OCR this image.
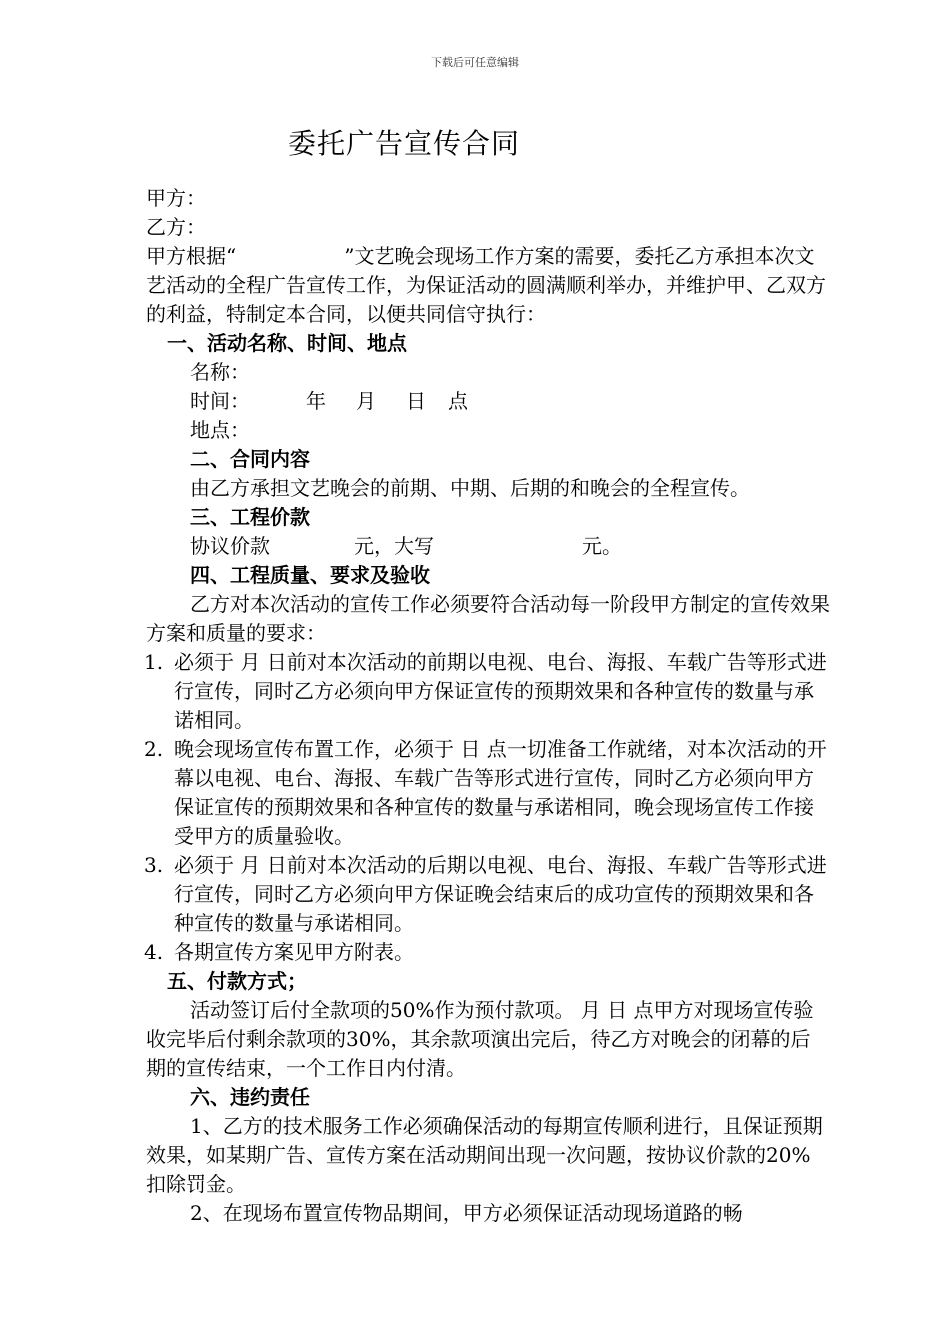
下载后可任意编辑
委托广告宣传合同
甲方：
乙方：
甲方根据“	”文艺晚会现场工作方案的需要，委托乙方承担本次文艺活动的全程广告宣传工作，为保证活动的圆满顺利举办，并维护甲、乙双方的利益，特制定本合同，以便共同信守执行：
一、活动名称、时间、地点
名称：
时间：	年 月 日 点
地点：
二、合同内容
由乙方承担文艺晚会的前期、中期、后期的和晚会的全程宣传。
三、工程价款
协议价款	元，大写	元。
四、工程质量、要求及验收
乙方对本次活动的宣传工作必须要符合活动每一阶段甲方制定的宣传效果方案和质量的要求：
1. 必须于 月 日前对本次活动的前期以电视、电台、海报、车载广告等形式进行宣传，同时乙方必须向甲方保证宣传的预期效果和各种宣传的数量与承诺相同。
2. 晚会现场宣传布置工作，必须于 日 点一切准备工作就绪，对本次活动的开幕以电视、电台、海报、车载广告等形式进行宣传，同时乙方必须向甲方保证宣传的预期效果和各种宣传的数量与承诺相同，晚会现场宣传工作接受甲方的质量验收。
3. 必须于 月 日前对本次活动的后期以电视、电台、海报、车载广告等形式进行宣传，同时乙方必须向甲方保证晚会结束后的成功宣传的预期效果和各种宣传的数量与承诺相同。
4. 各期宣传方案见甲方附表。
五、付款方式；
活动签订后付全款项的50%作为预付款项。 月 日 点甲方对现场宣传验收完毕后付剩余款项的30%，其余款项演出完后，待乙方对晚会的闭幕的后期的宣传结束，一个工作日内付清。
六、违约责任
1、乙方的技术服务工作必须确保活动的每期宣传顺利进行，且保证预期效果，如某期广告、宣传方案在活动期间出现一次问题，按协议价款的20%扣除罚金。
2、在现场布置宣传物品期间，甲方必须保证活动现场道路的畅
